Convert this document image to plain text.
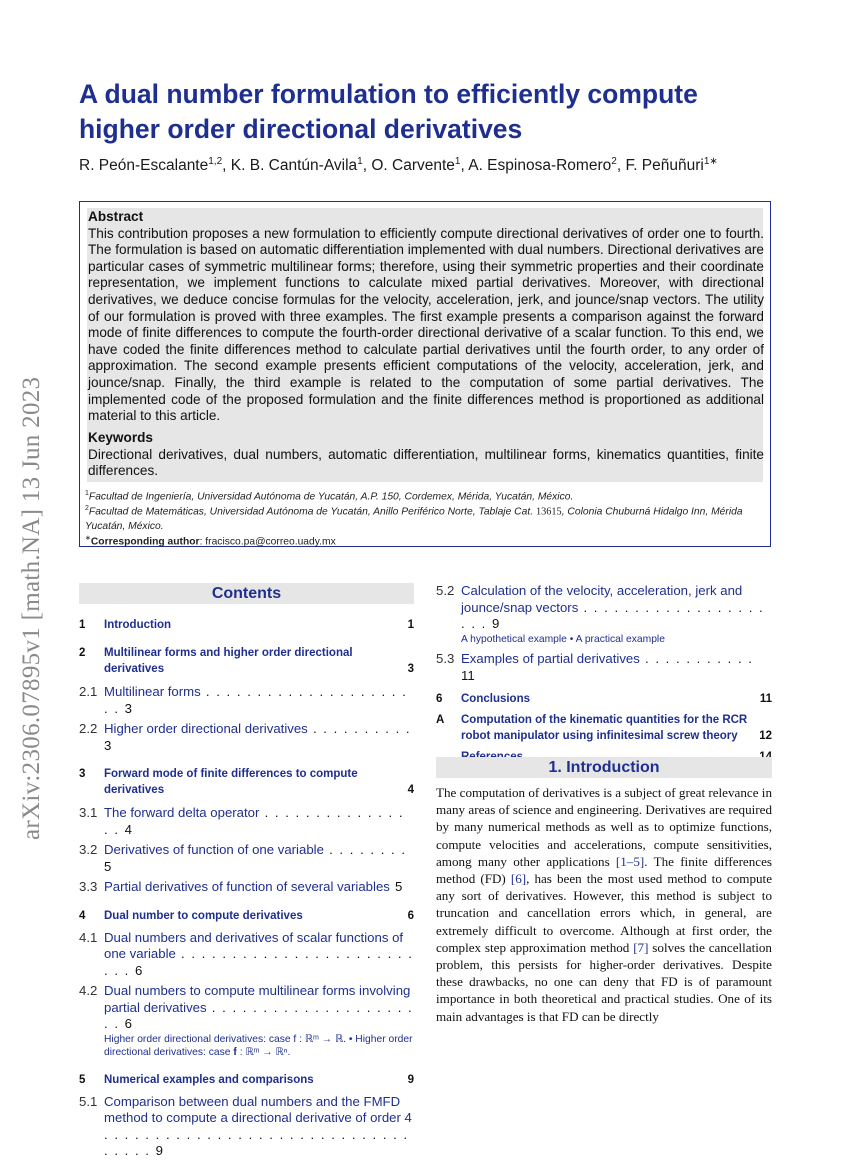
arXiv:2306.07895v1 [math.NA] 13 Jun 2023
A dual number formulation to efficiently compute higher order directional derivatives
R. Peón-Escalante$^{1,2}$, K. B. Cantún-Avila$^1$, O. Carvente$^1$, A. Espinosa-Romero$^2$, F. Peñuñuri$^{1∗}$
Abstract
This contribution proposes a new formulation to efficiently compute directional derivatives of order one to fourth. The formulation is based on automatic differentiation implemented with dual numbers. Directional derivatives are particular cases of symmetric multilinear forms; therefore, using their symmetric properties and their coordinate representation, we implement functions to calculate mixed partial derivatives. Moreover, with directional derivatives, we deduce concise formulas for the velocity, acceleration, jerk, and jounce/snap vectors. The utility of our formulation is proved with three examples. The first example presents a comparison against the forward mode of finite differences to compute the fourth-order directional derivative of a scalar function. To this end, we have coded the finite differences method to calculate partial derivatives until the fourth order, to any order of approximation. The second example presents efficient computations of the velocity, acceleration, jerk, and jounce/snap. Finally, the third example is related to the computation of some partial derivatives. The implemented code of the proposed formulation and the finite differences method is proportioned as additional material to this article.
Keywords
Directional derivatives, dual numbers, automatic differentiation, multilinear forms, kinematics quantities, finite differences.
$^1$Facultad de Ingeniería, Universidad Autónoma de Yucatán, A.P. 150, Cordemex, Mérida, Yucatán, México.
$^2$Facultad de Matemáticas, Universidad Autónoma de Yucatán, Anillo Periférico Norte, Tablaje Cat. 13615, Colonia Chuburná Hidalgo Inn, Mérida Yucatán, México.
∗Corresponding author: fracisco.pa@correo.uady.mx
Contents
1	Introduction	1
2	Multilinear forms and higher order directional derivatives	3
2.1 Multilinear forms . . . . . . . . . . . . . . . . . . . . . . 3
2.2 Higher order directional derivatives . . . . . . . . . . 3
3	Forward mode of finite differences to compute derivatives	4
3.1 The forward delta operator . . . . . . . . . . . . . . . . 4
3.2 Derivatives of function of one variable . . . . . . . . 5
3.3 Partial derivatives of function of several variables 5
4	Dual number to compute derivatives	6
4.1 Dual numbers and derivatives of scalar functions of one variable . . . . . . . . . . . . . . . . . . . . . . . . . . 6
4.2 Dual numbers to compute multilinear forms involving partial derivatives . . . . . . . . . . . . . . . . . . . . . . 6
Higher order directional derivatives: case f : ℝᵐ → ℝ. • Higher order directional derivatives: case 𝐟 : ℝᵐ → ℝⁿ.
5	Numerical examples and comparisons	9
5.1 Comparison between dual numbers and the FMFD method to compute a directional derivative of order 4 . . . . . . . . . . . . . . . . . . . . . . . . . . . . . . . . . . . 9
5.2 Calculation of the velocity, acceleration, jerk and jounce/snap vectors . . . . . . . . . . . . . . . . . . . . . 9
A hypothetical example • A practical example
5.3 Examples of partial derivatives . . . . . . . . . . . 11
6	Conclusions	11
A	Computation of the kinematic quantities for the RCR robot manipulator using infinitesimal screw theory	12
1. Introduction
The computation of derivatives is a subject of great relevance in many areas of science and engineering. Derivatives are required by many numerical methods as well as to optimize functions, compute velocities and accelerations, compute sensitivities, among many other applications [1–5]. The finite differences method (FD) [6], has been the most used method to compute any sort of derivatives. However, this method is subject to truncation and cancellation errors which, in general, are extremely difficult to overcome. Although at first order, the complex step approximation method [7] solves the cancellation problem, this persists for higher-order derivatives. Despite these drawbacks, no one can deny that FD is of paramount importance in both theoretical and practical studies. One of its main advantages is that FD can be directly
